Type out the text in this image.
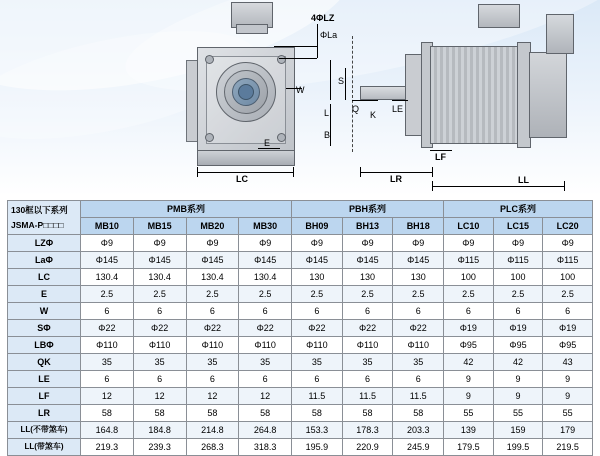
4ΦLZ
ΦLa
W
E
LC
S
L
B
Q
K
LE
LF
LR	LL
130框以下系列
JSMA-P□□□□	PMB系列				PBH系列			PLC系列		
	MB10	MB15	MB20	MB30	BH09	BH13	BH18	LC10	LC15	LC20
LZΦ	Φ9	Φ9	Φ9	Φ9	Φ9	Φ9	Φ9	Φ9	Φ9	Φ9
LaΦ	Φ145	Φ145	Φ145	Φ145	Φ145	Φ145	Φ145	Φ115	Φ115	Φ115
LC	130.4	130.4	130.4	130.4	130	130	130	100	100	100
E	2.5	2.5	2.5	2.5	2.5	2.5	2.5	2.5	2.5	2.5
W	6	6	6	6	6	6	6	6	6	6
SΦ	Φ22	Φ22	Φ22	Φ22	Φ22	Φ22	Φ22	Φ19	Φ19	Φ19
LBΦ	Φ110	Φ110	Φ110	Φ110	Φ110	Φ110	Φ110	Φ95	Φ95	Φ95
QK	35	35	35	35	35	35	35	42	42	43
LE	6	6	6	6	6	6	6	9	9	9
LF	12	12	12	12	11.5	11.5	11.5	9	9	9
LR	58	58	58	58	58	58	58	55	55	55
LL(不带煞车)	164.8	184.8	214.8	264.8	153.3	178.3	203.3	139	159	179
LL(带煞车)	219.3	239.3	268.3	318.3	195.9	220.9	245.9	179.5	199.5	219.5
